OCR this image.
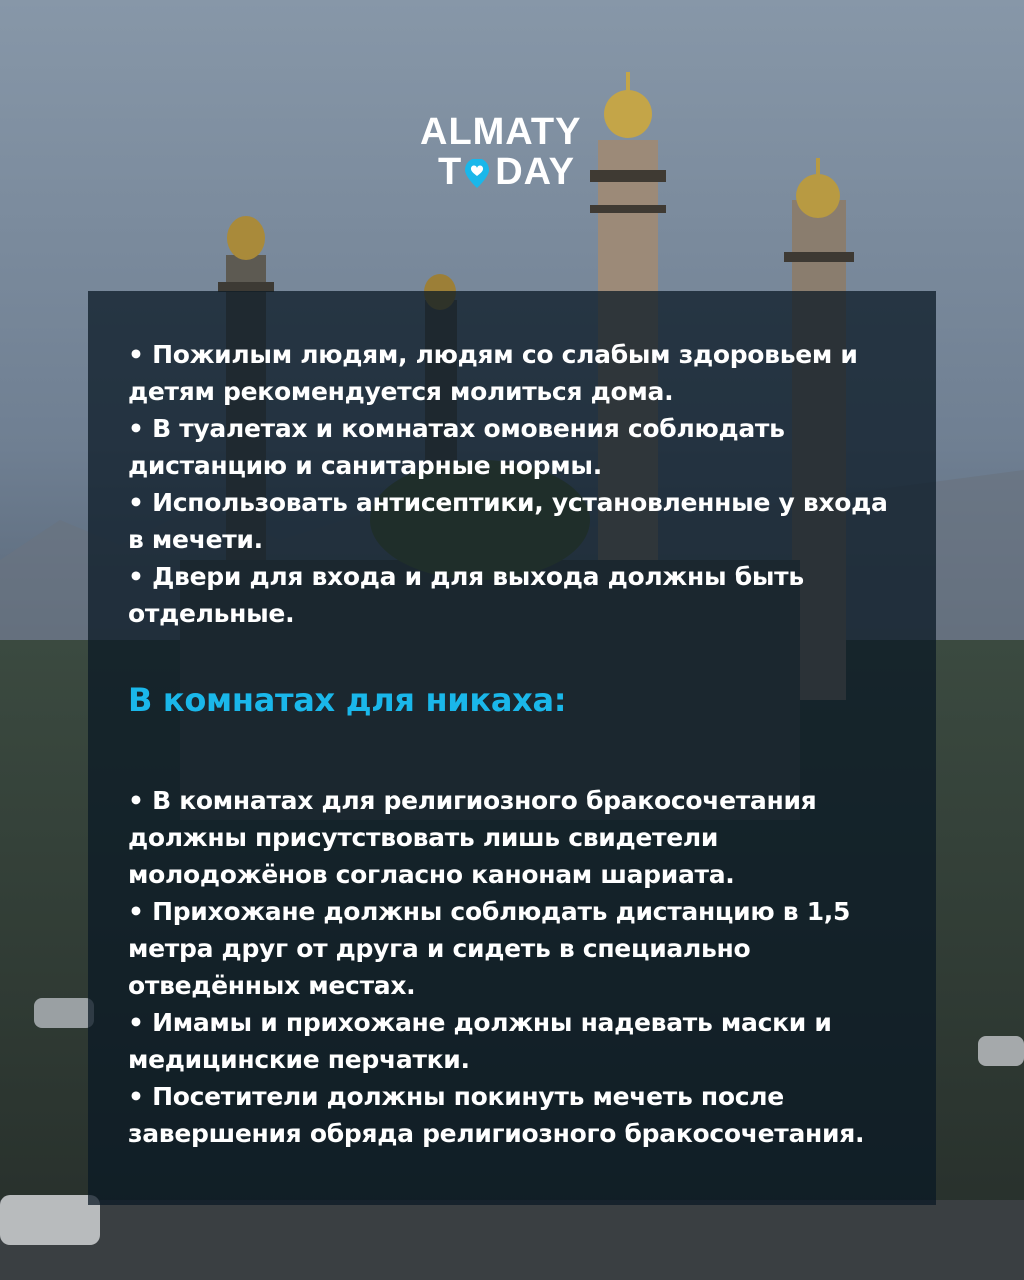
ALMATY
T DAY

• Пожилым людям, людям со слабым здоровьем и детям рекомендуется молиться дома.

• В туалетах и комнатах омовения соблюдать дистанцию и санитарные нормы.

• Использовать антисептики, установленные у входа в мечети.

• Двери для входа и для выхода должны быть отдельные.

В комнатах для никаха:

• В комнатах для религиозного бракосочетания должны присутствовать лишь свидетели молодожёнов согласно канонам шариата.

• Прихожане должны соблюдать дистанцию в 1,5 метра друг от друга и сидеть в специально отведённых местах.

• Имамы и прихожане должны надевать маски и медицинские перчатки.

• Посетители должны покинуть мечеть после завершения обряда религиозного бракосочетания.
